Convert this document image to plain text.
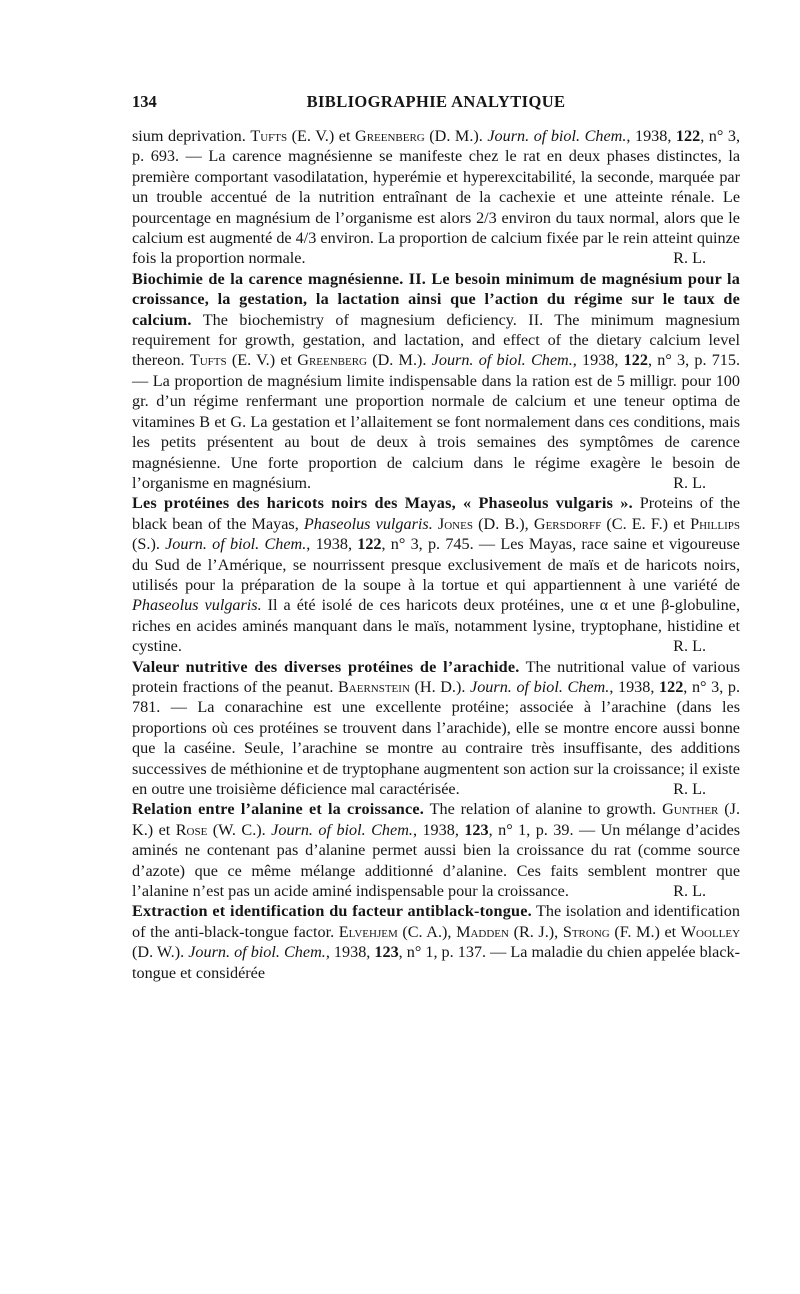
134	BIBLIOGRAPHIE ANALYTIQUE

sium deprivation. Tufts (E. V.) et Greenberg (D. M.). Journ. of biol. Chem., 1938, 122, n° 3, p. 693. — La carence magnésienne se manifeste chez le rat en deux phases distinctes, la première comportant vasodilatation, hyperémie et hyperexcitabilité, la seconde, marquée par un trouble accentué de la nutrition entraînant de la cachexie et une atteinte rénale. Le pourcentage en magnésium de l’organisme est alors 2/3 environ du taux normal, alors que le calcium est augmenté de 4/3 environ. La proportion de calcium fixée par le rein atteint quinze fois la proportion normale.	R. L.

Biochimie de la carence magnésienne. II. Le besoin minimum de magnésium pour la croissance, la gestation, la lactation ainsi que l’action du régime sur le taux de calcium. The biochemistry of magnesium deficiency. II. The minimum magnesium requirement for growth, gestation, and lactation, and effect of the dietary calcium level thereon. Tufts (E. V.) et Greenberg (D. M.). Journ. of biol. Chem., 1938, 122, n° 3, p. 715. — La proportion de magnésium limite indispensable dans la ration est de 5 milligr. pour 100 gr. d’un régime renfermant une proportion normale de calcium et une teneur optima de vitamines B et G. La gestation et l’allaitement se font normalement dans ces conditions, mais les petits présentent au bout de deux à trois semaines des symptômes de carence magnésienne. Une forte proportion de calcium dans le régime exagère le besoin de l’organisme en magnésium.	R. L.

Les protéines des haricots noirs des Mayas, « Phaseolus vulgaris ». Proteins of the black bean of the Mayas, Phaseolus vulgaris. Jones (D. B.), Gersdorff (C. E. F.) et Phillips (S.). Journ. of biol. Chem., 1938, 122, n° 3, p. 745. — Les Mayas, race saine et vigoureuse du Sud de l’Amérique, se nourrissent presque exclusivement de maïs et de haricots noirs, utilisés pour la préparation de la soupe à la tortue et qui appartiennent à une variété de Phaseolus vulgaris. Il a été isolé de ces haricots deux protéines, une α et une β-globuline, riches en acides aminés manquant dans le maïs, notamment lysine, tryptophane, histidine et cystine.	R. L.

Valeur nutritive des diverses protéines de l’arachide. The nutritional value of various protein fractions of the peanut. Baernstein (H. D.). Journ. of biol. Chem., 1938, 122, n° 3, p. 781. — La conarachine est une excellente protéine; associée à l’arachine (dans les proportions où ces protéines se trouvent dans l’arachide), elle se montre encore aussi bonne que la caséine. Seule, l’arachine se montre au contraire très insuffisante, des additions successives de méthionine et de tryptophane augmentent son action sur la croissance; il existe en outre une troisième déficience mal caractérisée.	R. L.

Relation entre l’alanine et la croissance. The relation of alanine to growth. Gunther (J. K.) et Rose (W. C.). Journ. of biol. Chem., 1938, 123, n° 1, p. 39. — Un mélange d’acides aminés ne contenant pas d’alanine permet aussi bien la croissance du rat (comme source d’azote) que ce même mélange additionné d’alanine. Ces faits semblent montrer que l’alanine n’est pas un acide aminé indispensable pour la croissance.	R. L.

Extraction et identification du facteur antiblack-tongue. The isolation and identification of the anti-black-tongue factor. Elvehjem (C. A.), Madden (R. J.), Strong (F. M.) et Woolley (D. W.). Journ. of biol. Chem., 1938, 123, n° 1, p. 137. — La maladie du chien appelée black-tongue et considérée
